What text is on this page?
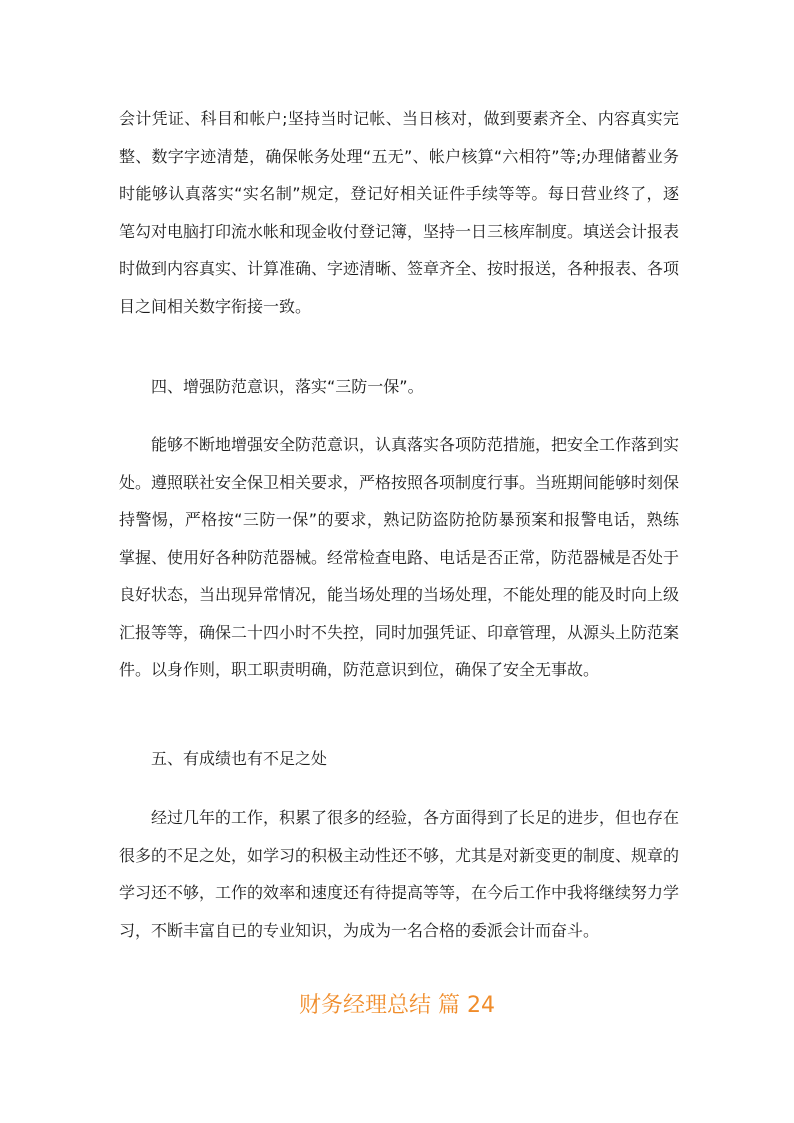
会计凭证、科目和帐户;坚持当时记帐、当日核对，做到要素齐全、内容真实完整、数字字迹清楚，确保帐务处理“五无”、帐户核算“六相符”等;办理储蓄业务时能够认真落实“实名制”规定，登记好相关证件手续等等。每日营业终了，逐笔勾对电脑打印流水帐和现金收付登记簿，坚持一日三核库制度。填送会计报表时做到内容真实、计算准确、字迹清晰、签章齐全、按时报送，各种报表、各项目之间相关数字衔接一致。

四、增强防范意识，落实“三防一保”。

能够不断地增强安全防范意识，认真落实各项防范措施，把安全工作落到实处。遵照联社安全保卫相关要求，严格按照各项制度行事。当班期间能够时刻保持警惕，严格按“三防一保”的要求，熟记防盗防抢防暴预案和报警电话，熟练掌握、使用好各种防范器械。经常检查电路、电话是否正常，防范器械是否处于良好状态，当出现异常情况，能当场处理的当场处理，不能处理的能及时向上级汇报等等，确保二十四小时不失控，同时加强凭证、印章管理，从源头上防范案件。以身作则，职工职责明确，防范意识到位，确保了安全无事故。

五、有成绩也有不足之处

经过几年的工作，积累了很多的经验，各方面得到了长足的进步，但也存在很多的不足之处，如学习的积极主动性还不够，尤其是对新变更的制度、规章的学习还不够，工作的效率和速度还有待提高等等，在今后工作中我将继续努力学习，不断丰富自已的专业知识，为成为一名合格的委派会计而奋斗。

财务经理总结 篇 24
